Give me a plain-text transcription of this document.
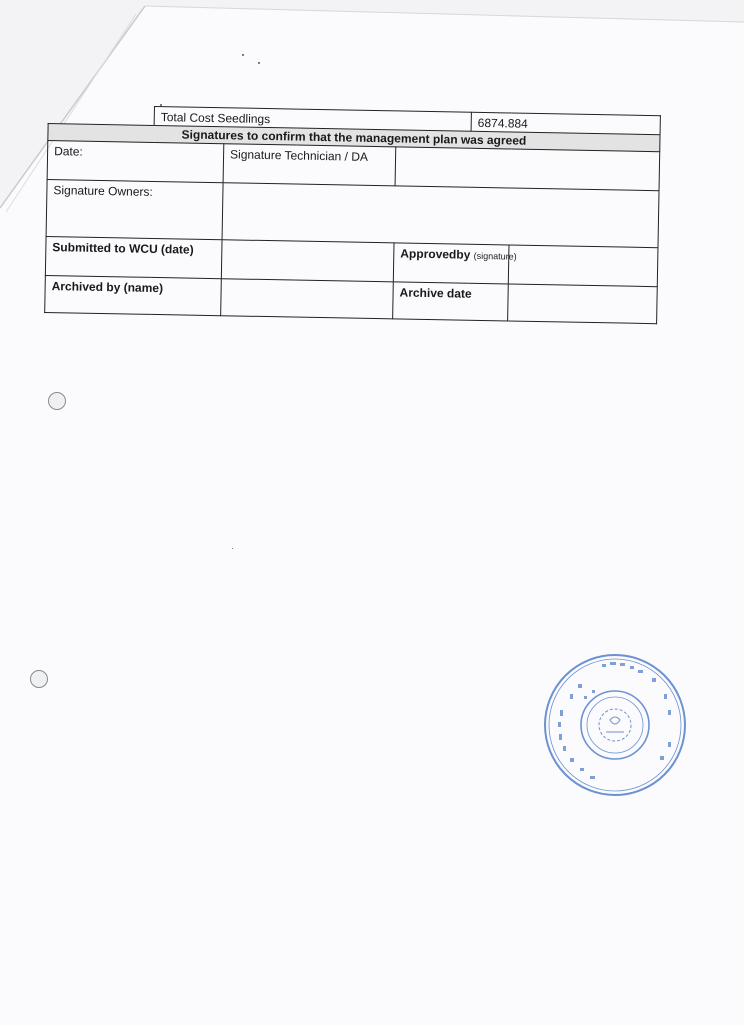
	Total Cost Seedlings			6874.884	
Signatures to confirm that the management plan was agreed					
Date:		Signature Technician / DA			
Signature Owners:					
Submitted to WCU (date)			Approvedby (signature)		
Archived by (name)			Archive date		
